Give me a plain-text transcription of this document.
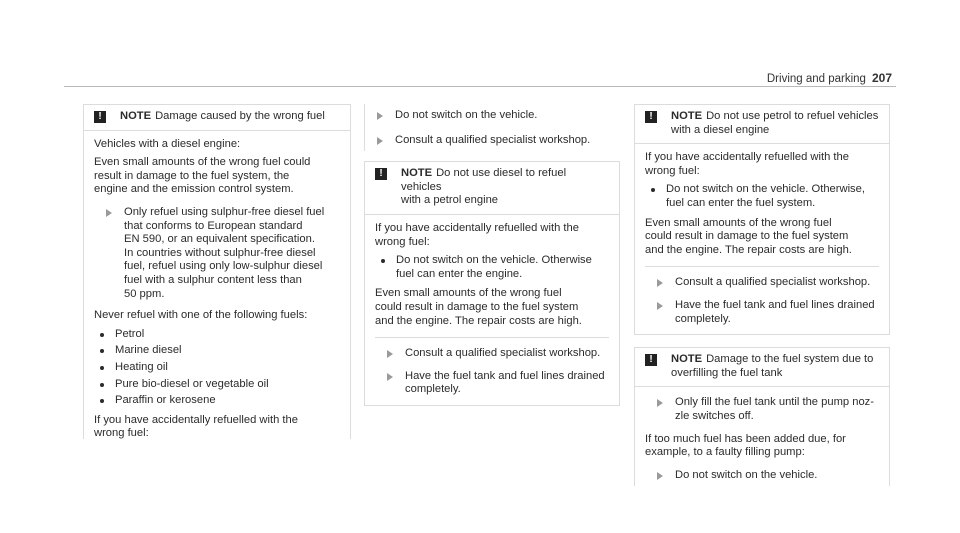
Driving and parking 207
!	NOTE Damage caused by the wrong fuel

Vehicles with a diesel engine:

Even small amounts of the wrong fuel could
result in damage to the fuel system, the
engine and the emission control system.

Only refuel using sulphur-free diesel fuel
that conforms to European standard
EN 590, or an equivalent specification.
In countries without sulphur-free diesel
fuel, refuel using only low-sulphur diesel
fuel with a sulphur content less than
50 ppm.

Never refuel with one of the following fuels:

Petrol
Marine diesel
Heating oil
Pure bio-diesel or vegetable oil
Paraffin or kerosene

If you have accidentally refuelled with the
wrong fuel:

Do not switch on the vehicle.
Consult a qualified specialist workshop.
!	NOTE Do not use diesel to refuel vehicles
with a petrol engine

If you have accidentally refuelled with the
wrong fuel:

Do not switch on the vehicle. Otherwise
fuel can enter the engine.

Even small amounts of the wrong fuel
could result in damage to the fuel system
and the engine. The repair costs are high.

Consult a qualified specialist workshop.
Have the fuel tank and fuel lines drained
completely.
!	NOTE Do not use petrol to refuel vehicles
with a diesel engine

If you have accidentally refuelled with the
wrong fuel:

Do not switch on the vehicle. Otherwise,
fuel can enter the fuel system.

Even small amounts of the wrong fuel
could result in damage to the fuel system
and the engine. The repair costs are high.

Consult a qualified specialist workshop.
Have the fuel tank and fuel lines drained
completely.
!	NOTE Damage to the fuel system due to
overfilling the fuel tank
Only fill the fuel tank until the pump noz-
zle switches off.

If too much fuel has been added due, for
example, to a faulty filling pump:

Do not switch on the vehicle.
